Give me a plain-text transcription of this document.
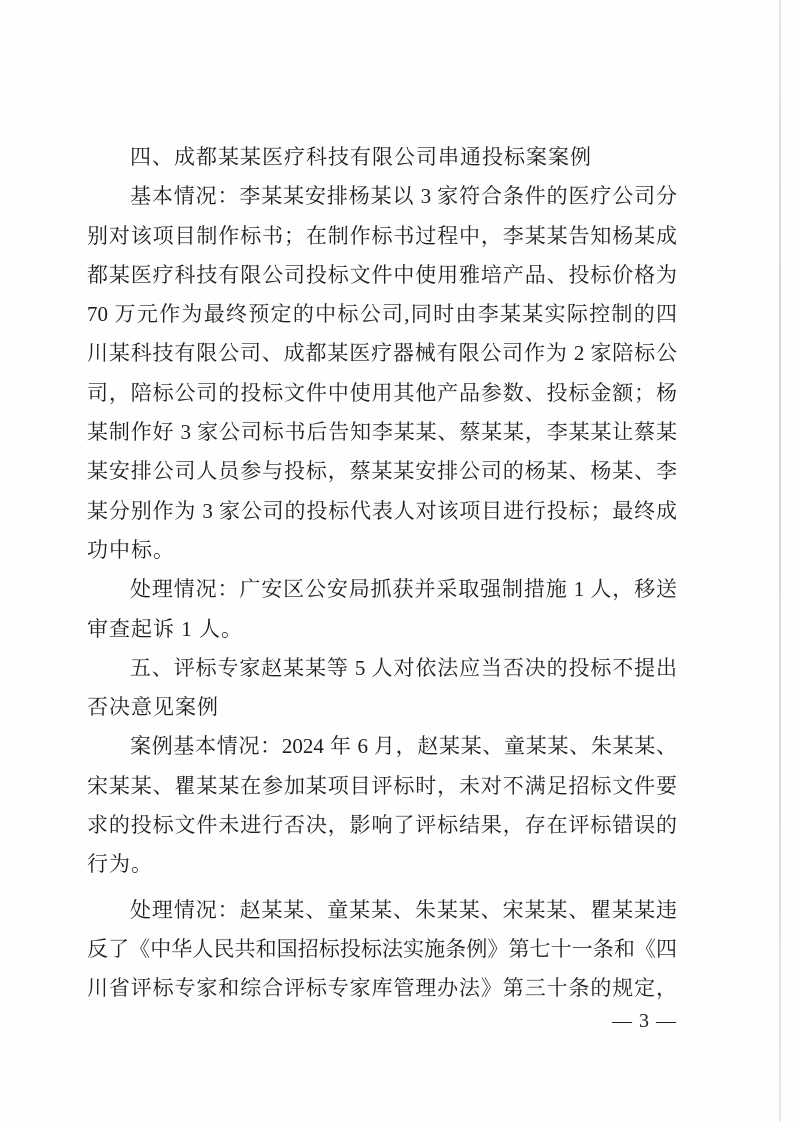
四、成都某某医疗科技有限公司串通投标案案例
基本情况：李某某安排杨某以 3 家符合条件的医疗公司分
别对该项目制作标书；在制作标书过程中，李某某告知杨某成
都某医疗科技有限公司投标文件中使用雅培产品、投标价格为
70 万元作为最终预定的中标公司,同时由李某某实际控制的四
川某科技有限公司、成都某医疗器械有限公司作为 2 家陪标公
司，陪标公司的投标文件中使用其他产品参数、投标金额；杨
某制作好 3 家公司标书后告知李某某、蔡某某，李某某让蔡某
某安排公司人员参与投标，蔡某某安排公司的杨某、杨某、李
某分别作为 3 家公司的投标代表人对该项目进行投标；最终成
功中标。
处理情况：广安区公安局抓获并采取强制措施 1 人，移送
审查起诉 1 人。
五、评标专家赵某某等 5 人对依法应当否决的投标不提出
否决意见案例
案例基本情况：2024 年 6 月，赵某某、童某某、朱某某、
宋某某、瞿某某在参加某项目评标时，未对不满足招标文件要
求的投标文件未进行否决，影响了评标结果，存在评标错误的
行为。
处理情况：赵某某、童某某、朱某某、宋某某、瞿某某违
反了《中华人民共和国招标投标法实施条例》第七十一条和《四
川省评标专家和综合评标专家库管理办法》第三十条的规定，
— 3 —
